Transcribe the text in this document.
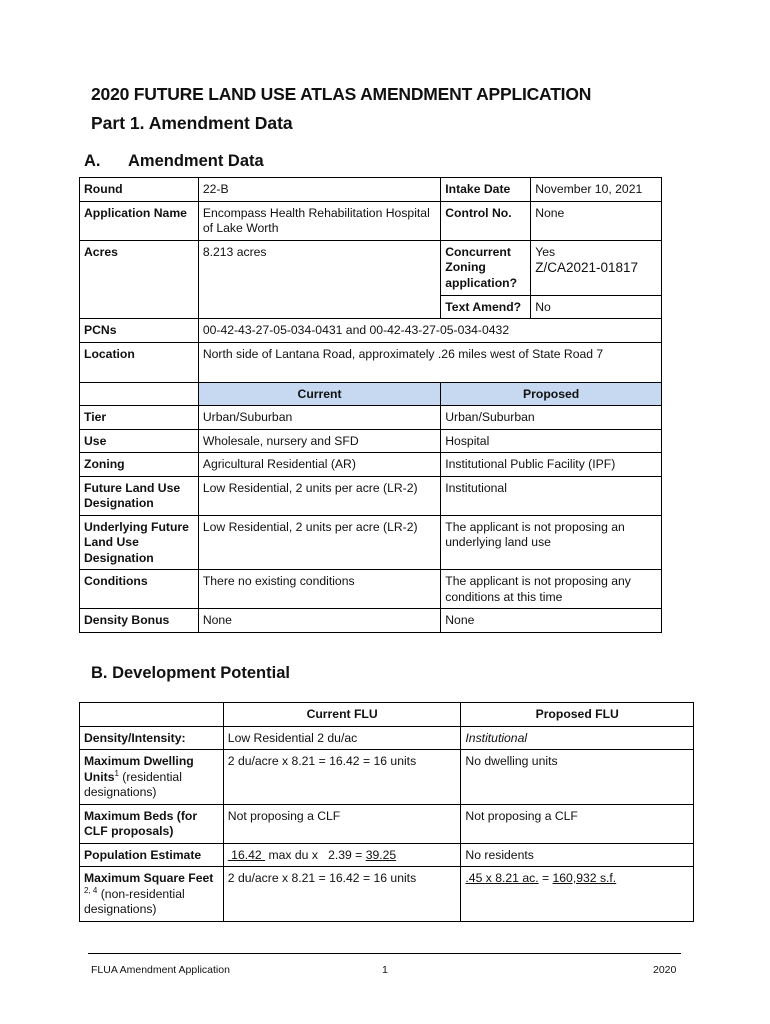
2020 FUTURE LAND USE ATLAS AMENDMENT APPLICATION
Part 1. Amendment Data
A. Amendment Data
Round	22-B	Intake Date	November 10, 2021
Application Name	Encompass Health Rehabilitation Hospital of Lake Worth	Control No.	None
Acres	8.213 acres	Concurrent Zoning application?	Yes
Z/CA2021-01817

		Text Amend?	No
PCNs	00-42-43-27-05-034-0431 and 00-42-43-27-05-034-0432		
Location	North side of Lantana Road, approximately .26 miles west of State Road 7		
	Current	Proposed	
Tier	Urban/Suburban	Urban/Suburban	
Use	Wholesale, nursery and SFD	Hospital	
Zoning	Agricultural Residential (AR)	Institutional Public Facility (IPF)	
Future Land Use Designation	Low Residential, 2 units per acre (LR-2)	Institutional	
Underlying Future Land Use Designation	Low Residential, 2 units per acre (LR-2)	The applicant is not proposing an underlying land use	
Conditions	There no existing conditions	The applicant is not proposing any conditions at this time	
Density Bonus	None	None	
B. Development Potential
	Current FLU	Proposed FLU
Density/Intensity:	Low Residential 2 du/ac	Institutional
Maximum Dwelling Units$^1$ (residential designations)	2 du/acre x 8.21 = 16.42 = 16 units	No dwelling units
Maximum Beds (for CLF proposals)	Not proposing a CLF	Not proposing a CLF
Population Estimate	16.42  max du x   2.39 = 39.25	No residents
Maximum Square Feet $^{2, 4}$ (non-residential designations)	2 du/acre x 8.21 = 16.42 = 16 units	.45 x 8.21 ac. = 160,932 s.f.
FLUA Amendment Application	1	2020
